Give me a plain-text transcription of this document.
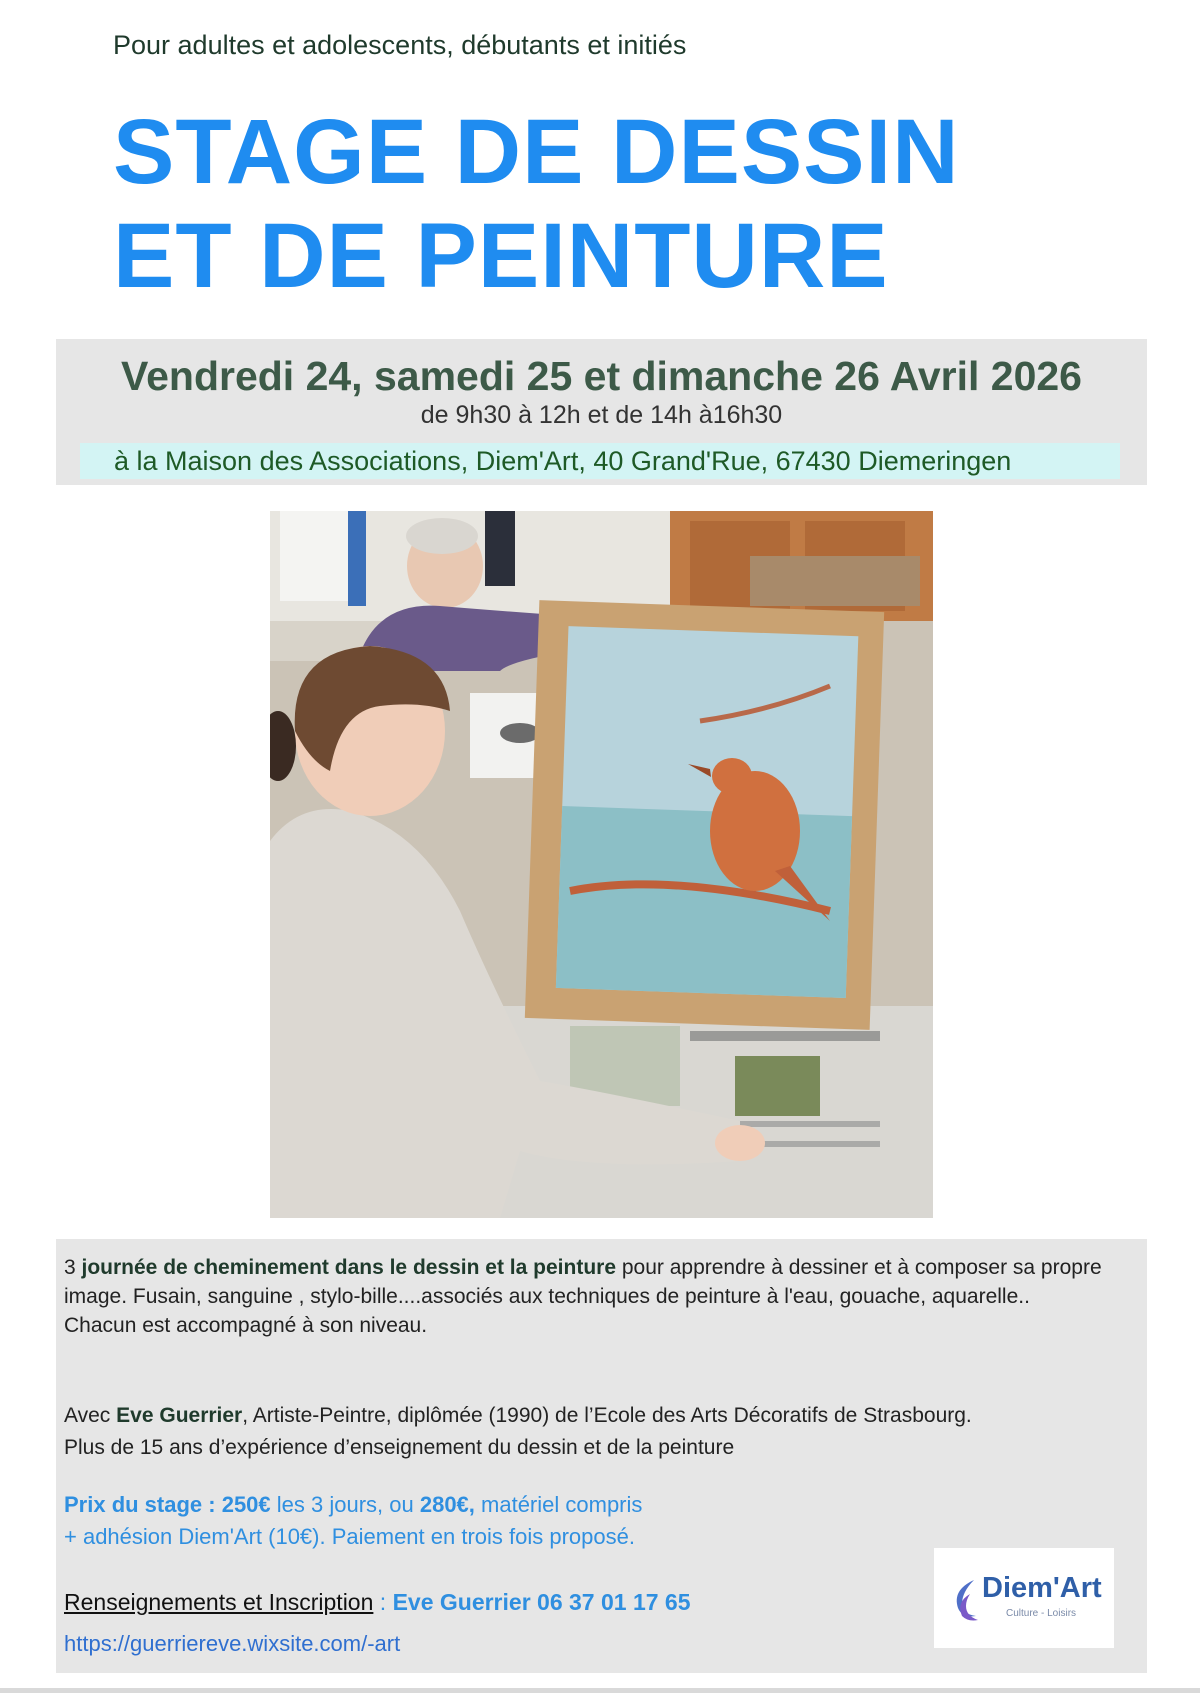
Pour adultes et adolescents, débutants et initiés
STAGE DE DESSIN
ET DE PEINTURE
Vendredi 24, samedi 25 et dimanche 26 Avril 2026
de 9h30 à 12h et de 14h à16h30
à la Maison des Associations, Diem'Art, 40 Grand'Rue, 67430 Diemeringen
3 journée de cheminement dans le dessin et la peinture pour apprendre à dessiner et à composer sa propre image. Fusain, sanguine , stylo-bille....associés aux techniques de peinture à l'eau, gouache, aquarelle..
Chacun est accompagné à son niveau.
Avec Eve Guerrier, Artiste-Peintre, diplômée (1990) de l’Ecole des Arts Décoratifs de Strasbourg.
Plus de 15 ans d’expérience d’enseignement du dessin et de la peinture
Prix du stage : 250€ les 3 jours, ou 280€, matériel compris
+ adhésion Diem'Art (10€). Paiement en trois fois proposé.
Renseignements et Inscription : Eve Guerrier 06 37 01 17 65
https://guerriereve.wixsite.com/-art
Diem'Art
Culture - Loisirs
